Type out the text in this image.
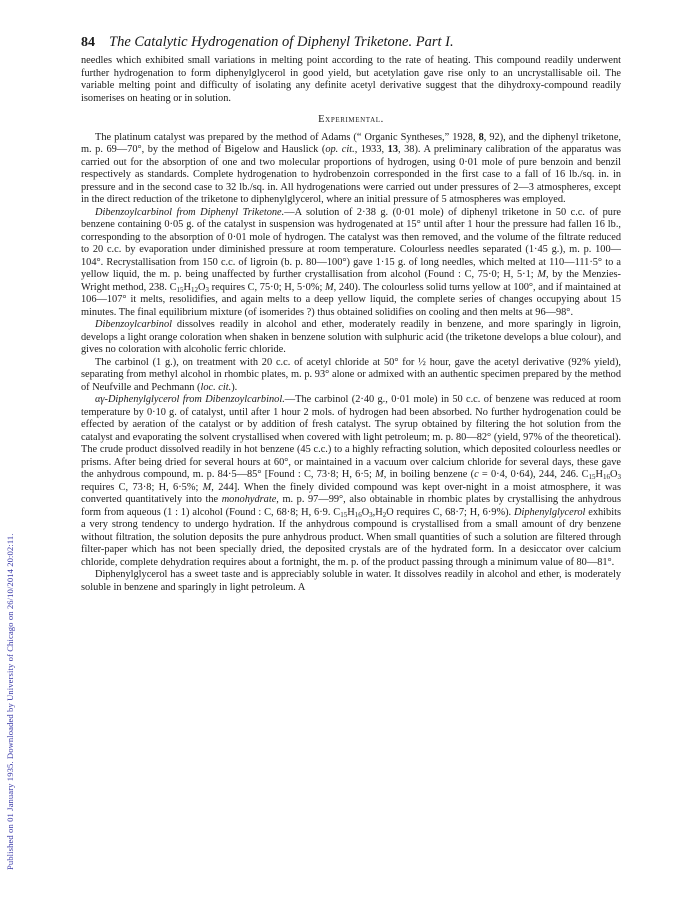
Published on 01 January 1935. Downloaded by University of Chicago on 26/10/2014 20:02:11.
84 The Catalytic Hydrogenation of Diphenyl Triketone. Part I.

needles which exhibited small variations in melting point according to the rate of heating. This compound readily underwent further hydrogenation to form diphenylglycerol in good yield, but acetylation gave rise only to an uncrystallisable oil. The variable melting point and difficulty of isolating any definite acetyl derivative suggest that the dihydroxy-compound readily isomerises on heating or in solution.

Experimental.

The platinum catalyst was prepared by the method of Adams (“ Organic Syntheses,” 1928, 8, 92), and the diphenyl triketone, m. p. 69—70°, by the method of Bigelow and Hauslick (op. cit., 1933, 13, 38). A preliminary calibration of the apparatus was carried out for the absorption of one and two molecular proportions of hydrogen, using 0·01 mole of pure benzoin and benzil respectively as standards. Complete hydrogenation to hydrobenzoin corresponded in the first case to a fall of 16 lb./sq. in. in pressure and in the second case to 32 lb./sq. in. All hydrogenations were carried out under pressures of 2—3 atmospheres, except in the direct reduction of the triketone to diphenylglycerol, where an initial pressure of 5 atmospheres was employed.

Dibenzoylcarbinol from Diphenyl Triketone.—A solution of 2·38 g. (0·01 mole) of diphenyl triketone in 50 c.c. of pure benzene containing 0·05 g. of the catalyst in suspension was hydrogenated at 15° until after 1 hour the pressure had fallen 16 lb., corresponding to the absorption of 0·01 mole of hydrogen. The catalyst was then removed, and the volume of the filtrate reduced to 20 c.c. by evaporation under diminished pressure at room temperature. Colourless needles separated (1·45 g.), m. p. 100—104°. Recrystallisation from 150 c.c. of ligroin (b. p. 80—100°) gave 1·15 g. of long needles, which melted at 110—111·5° to a yellow liquid, the m. p. being unaffected by further crystallisation from alcohol (Found : C, 75·0; H, 5·1; M, by the Menzies-Wright method, 238. $C_{15}H_{12}O_3$ requires C, 75·0; H, 5·0%; M, 240). The colourless solid turns yellow at 100°, and if maintained at 106—107° it melts, resolidifies, and again melts to a deep yellow liquid, the complete series of changes occupying about 15 minutes. The final equilibrium mixture (of isomerides ?) thus obtained solidifies on cooling and then melts at 96—98°.

Dibenzoylcarbinol dissolves readily in alcohol and ether, moderately readily in benzene, and more sparingly in ligroin, develops a light orange coloration when shaken in benzene solution with sulphuric acid (the triketone develops a blue colour), and gives no coloration with alcoholic ferric chloride.

The carbinol (1 g.), on treatment with 20 c.c. of acetyl chloride at 50° for ½ hour, gave the acetyl derivative (92% yield), separating from methyl alcohol in rhombic plates, m. p. 93° alone or admixed with an authentic specimen prepared by the method of Neufville and Pechmann (loc. cit.).

αγ-Diphenylglycerol from Dibenzoylcarbinol.—The carbinol (2·40 g., 0·01 mole) in 50 c.c. of benzene was reduced at room temperature by 0·10 g. of catalyst, until after 1 hour 2 mols. of hydrogen had been absorbed. No further hydrogenation could be effected by aeration of the catalyst or by addition of fresh catalyst. The syrup obtained by filtering the hot solution from the catalyst and evaporating the solvent crystallised when covered with light petroleum; m. p. 80—82° (yield, 97% of the theoretical). The crude product dissolved readily in hot benzene (45 c.c.) to a highly refracting solution, which deposited colourless needles or prisms. After being dried for several hours at 60°, or maintained in a vacuum over calcium chloride for several days, these gave the anhydrous compound, m. p. 84·5—85° [Found : C, 73·8; H, 6·5; M, in boiling benzene (c = 0·4, 0·64), 244, 246. $C_{15}H_{16}O_3$ requires C, 73·8; H, 6·5%; M, 244]. When the finely divided compound was kept over-night in a moist atmosphere, it was converted quantitatively into the monohydrate, m. p. 97—99°, also obtainable in rhombic plates by crystallising the anhydrous form from aqueous (1 : 1) alcohol (Found : C, 68·8; H, 6·9. $C_{15}H_{16}O_3,H_2O$ requires C, 68·7; H, 6·9%). Diphenylglycerol exhibits a very strong tendency to undergo hydration. If the anhydrous compound is crystallised from a small amount of dry benzene without filtration, the solution deposits the pure anhydrous product. When small quantities of such a solution are filtered through filter-paper which has not been specially dried, the deposited crystals are of the hydrated form. In a desiccator over calcium chloride, complete dehydration requires about a fortnight, the m. p. of the product passing through a minimum value of 80—81°.

Diphenylglycerol has a sweet taste and is appreciably soluble in water. It dissolves readily in alcohol and ether, is moderately soluble in benzene and sparingly in light petroleum. A
